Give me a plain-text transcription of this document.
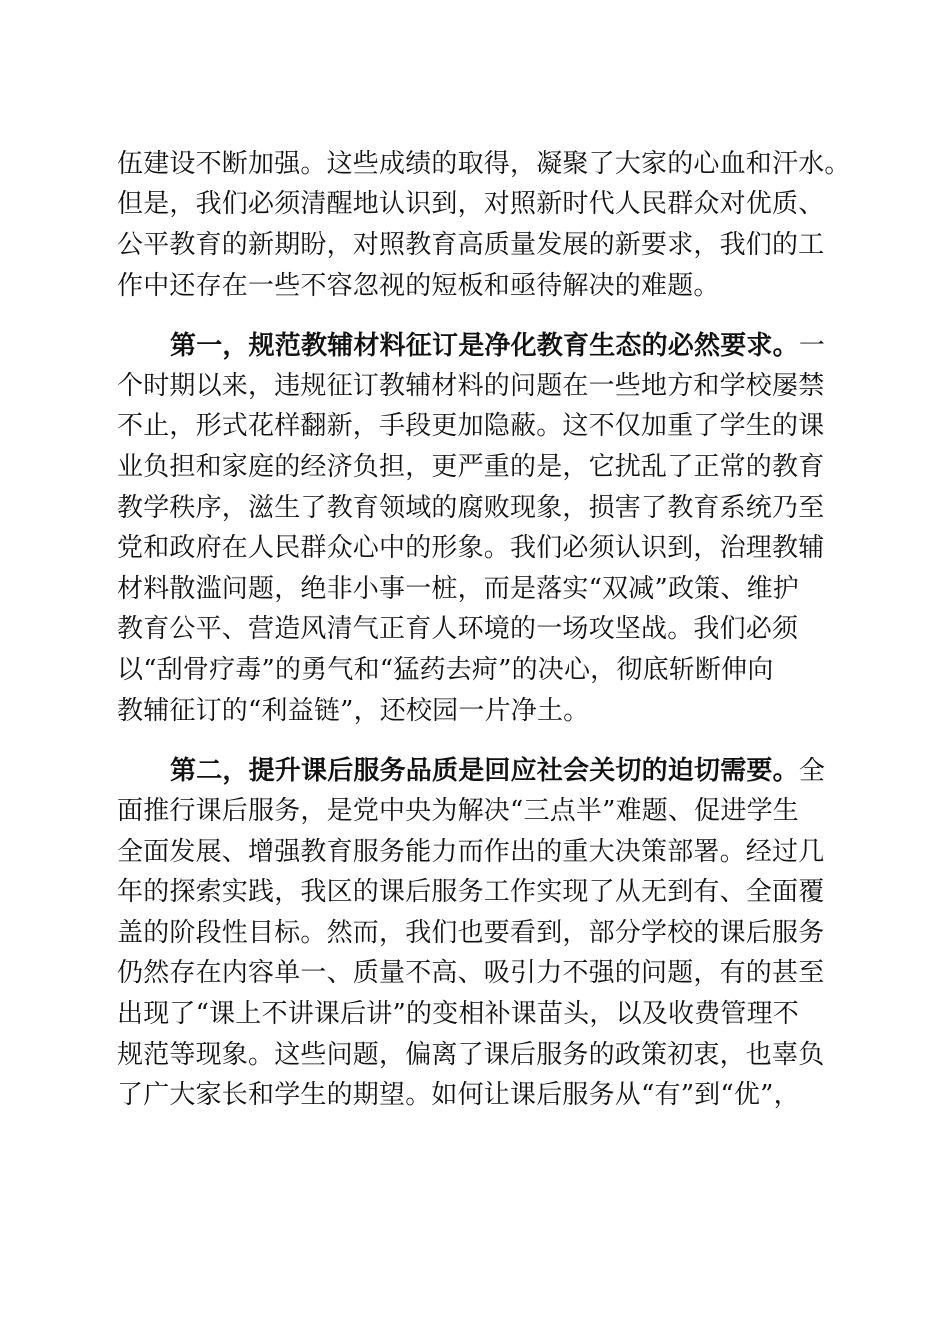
伍建设不断加强。这些成绩的取得，凝聚了大家的心血和汗水。
但是，我们必须清醒地认识到，对照新时代人民群众对优质、
公平教育的新期盼，对照教育高质量发展的新要求，我们的工
作中还存在一些不容忽视的短板和亟待解决的难题。
第一，规范教辅材料征订是净化教育生态的必然要求。一
个时期以来，违规征订教辅材料的问题在一些地方和学校屡禁
不止，形式花样翻新，手段更加隐蔽。这不仅加重了学生的课
业负担和家庭的经济负担，更严重的是，它扰乱了正常的教育
教学秩序，滋生了教育领域的腐败现象，损害了教育系统乃至
党和政府在人民群众心中的形象。我们必须认识到，治理教辅
材料散滥问题，绝非小事一桩，而是落实“双减”政策、维护
教育公平、营造风清气正育人环境的一场攻坚战。我们必须
以“刮骨疗毒”的勇气和“猛药去疴”的决心，彻底斩断伸向
教辅征订的“利益链”，还校园一片净土。
第二，提升课后服务品质是回应社会关切的迫切需要。全
面推行课后服务，是党中央为解决“三点半”难题、促进学生
全面发展、增强教育服务能力而作出的重大决策部署。经过几
年的探索实践，我区的课后服务工作实现了从无到有、全面覆
盖的阶段性目标。然而，我们也要看到，部分学校的课后服务
仍然存在内容单一、质量不高、吸引力不强的问题，有的甚至
出现了“课上不讲课后讲”的变相补课苗头，以及收费管理不
规范等现象。这些问题，偏离了课后服务的政策初衷，也辜负
了广大家长和学生的期望。如何让课后服务从“有”到“优”，
